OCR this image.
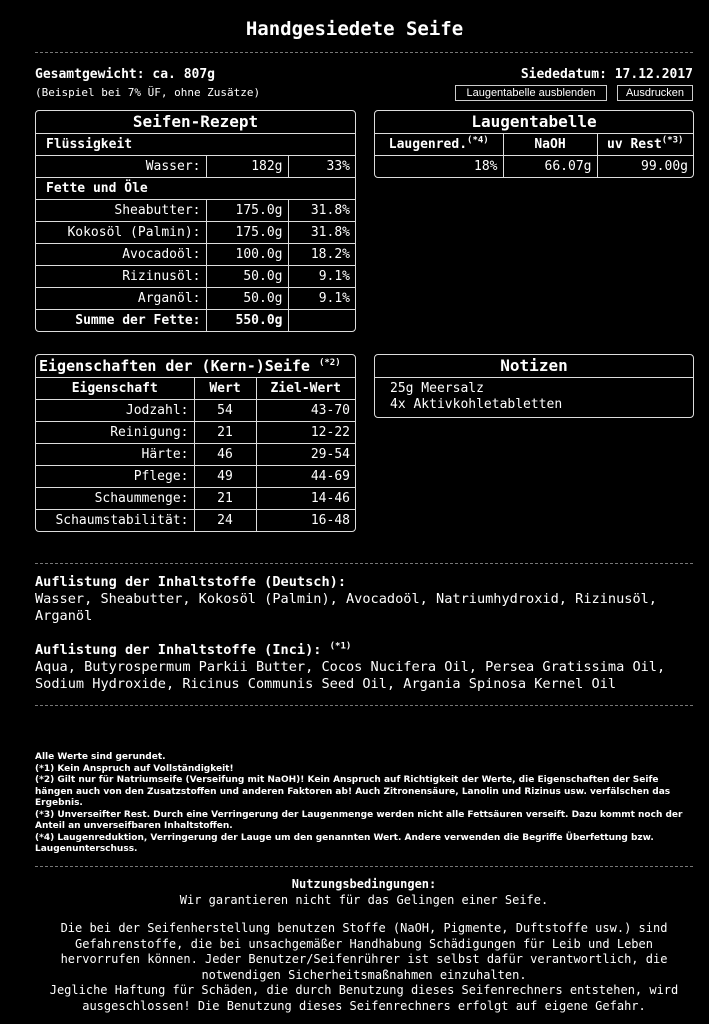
Handgesiedete Seife
Gesamtgewicht: ca. 807g
(Beispiel bei 7% ÜF, ohne Zusätze)
Siededatum: 17.12.2017
Laugentabelle ausblenden	Ausdrucken
Seifen-Rezept
Flüssigkeit		
Wasser:	182g	33%
Fette und Öle		
Sheabutter:	175.0g	31.8%
Kokosöl (Palmin):	175.0g	31.8%
Avocadoöl:	100.0g	18.2%
Rizinusöl:	50.0g	9.1%
Arganöl:	50.0g	9.1%
Summe der Fette:	550.0g	
Laugentabelle
Laugenred.$^{(*4)}$	NaOH	uv Rest$^{(*3)}$
18%	66.07g	99.00g
Eigenschaften der (Kern-)Seife $^{(*2)}$
Eigenschaft	Wert	Ziel-Wert
Jodzahl:	54	43-70
Reinigung:	21	12-22
Härte:	46	29-54
Pflege:	49	44-69
Schaummenge:	21	14-46
Schaumstabilität:	24	16-48
Notizen
25g Meersalz
4x Aktivkohletabletten
Auflistung der Inhaltstoffe (Deutsch):
Wasser, Sheabutter, Kokosöl (Palmin), Avocadoöl, Natriumhydroxid, Rizinusöl, Arganöl
Auflistung der Inhaltstoffe (Inci): $^{(*1)}$
Aqua, Butyrospermum Parkii Butter, Cocos Nucifera Oil, Persea Gratissima Oil, Sodium Hydroxide, Ricinus Communis Seed Oil, Argania Spinosa Kernel Oil
Alle Werte sind gerundet.
(*1) Kein Anspruch auf Vollständigkeit!
(*2) Gilt nur für Natriumseife (Verseifung mit NaOH)! Kein Anspruch auf Richtigkeit der Werte, die Eigenschaften der Seife hängen auch von den Zusatzstoffen und anderen Faktoren ab! Auch Zitronensäure, Lanolin und Rizinus usw. verfälschen das Ergebnis.
(*3) Unverseifter Rest. Durch eine Verringerung der Laugenmenge werden nicht alle Fettsäuren verseift. Dazu kommt noch der Anteil an unverseifbaren Inhaltstoffen.
(*4) Laugenreduktion, Verringerung der Lauge um den genannten Wert. Andere verwenden die Begriffe Überfettung bzw. Laugenunterschuss.
Nutzungsbedingungen:
Wir garantieren nicht für das Gelingen einer Seife.
Die bei der Seifenherstellung benutzen Stoffe (NaOH, Pigmente, Duftstoffe usw.) sind Gefahrenstoffe, die bei unsachgemäßer Handhabung Schädigungen für Leib und Leben hervorrufen können. Jeder Benutzer/Seifenrührer ist selbst dafür verantwortlich, die notwendigen Sicherheitsmaßnahmen einzuhalten.
Jegliche Haftung für Schäden, die durch Benutzung dieses Seifenrechners entstehen, wird ausgeschlossen! Die Benutzung dieses Seifenrechners erfolgt auf eigene Gefahr.
